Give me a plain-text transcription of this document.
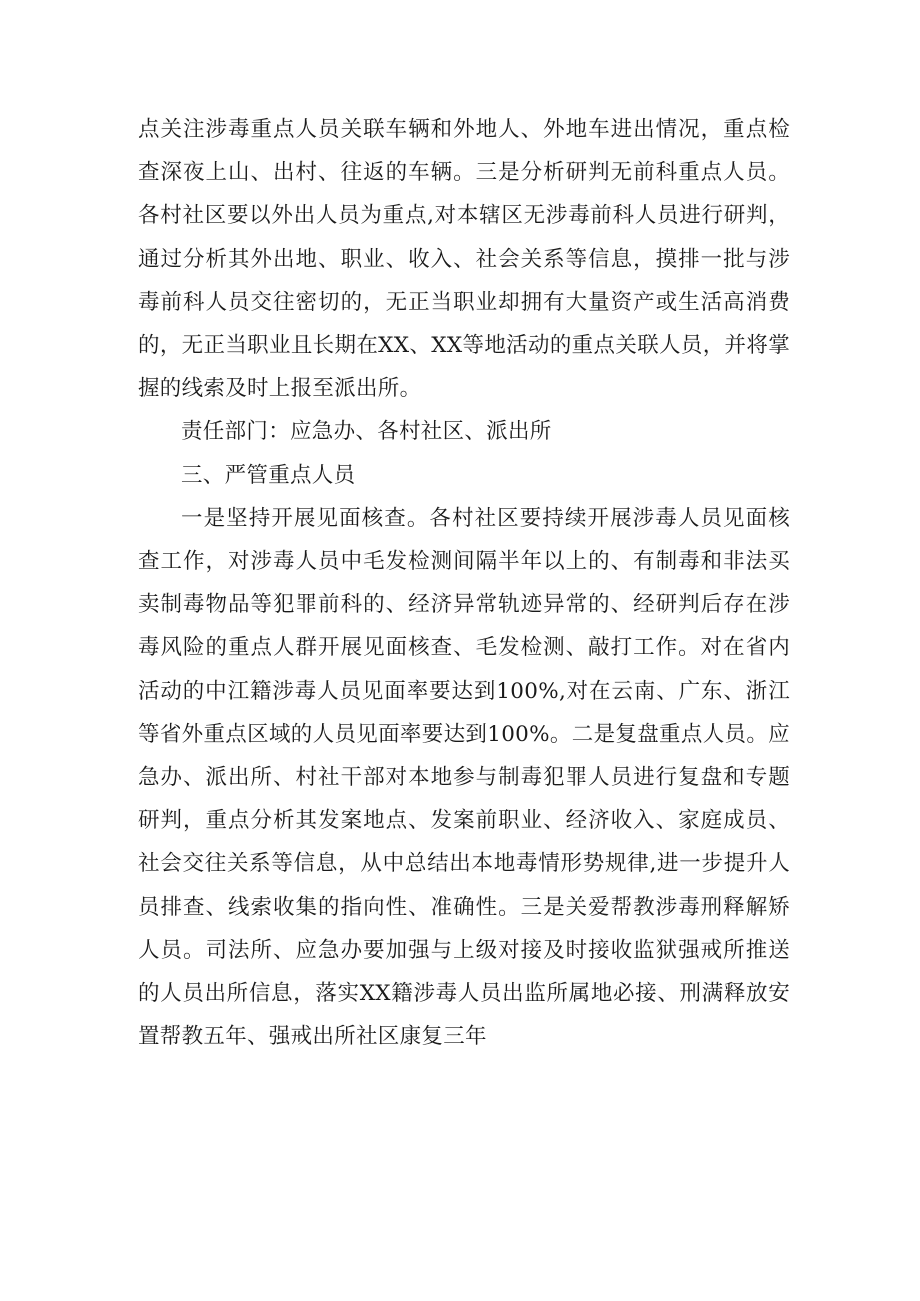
点关注涉毒重点人员关联车辆和外地人、外地车进出情况，重点检查深夜上山、出村、往返的车辆。三是分析研判无前科重点人员。各村社区要以外出人员为重点,对本辖区无涉毒前科人员进行研判，通过分析其外出地、职业、收入、社会关系等信息，摸排一批与涉毒前科人员交往密切的，无正当职业却拥有大量资产或生活高消费的，无正当职业且长期在XX、XX等地活动的重点关联人员，并将掌握的线索及时上报至派出所。

责任部门：应急办、各村社区、派出所

三、严管重点人员

一是坚持开展见面核查。各村社区要持续开展涉毒人员见面核查工作，对涉毒人员中毛发检测间隔半年以上的、有制毒和非法买卖制毒物品等犯罪前科的、经济异常轨迹异常的、经研判后存在涉毒风险的重点人群开展见面核查、毛发检测、敲打工作。对在省内活动的中江籍涉毒人员见面率要达到100%,对在云南、广东、浙江等省外重点区域的人员见面率要达到100%。二是复盘重点人员。应急办、派出所、村社干部对本地参与制毒犯罪人员进行复盘和专题研判，重点分析其发案地点、发案前职业、经济收入、家庭成员、社会交往关系等信息，从中总结出本地毒情形势规律,进一步提升人员排查、线索收集的指向性、准确性。三是关爱帮教涉毒刑释解矫人员。司法所、应急办要加强与上级对接及时接收监狱强戒所推送的人员出所信息，落实XX籍涉毒人员出监所属地必接、刑满释放安置帮教五年、强戒出所社区康复三年
